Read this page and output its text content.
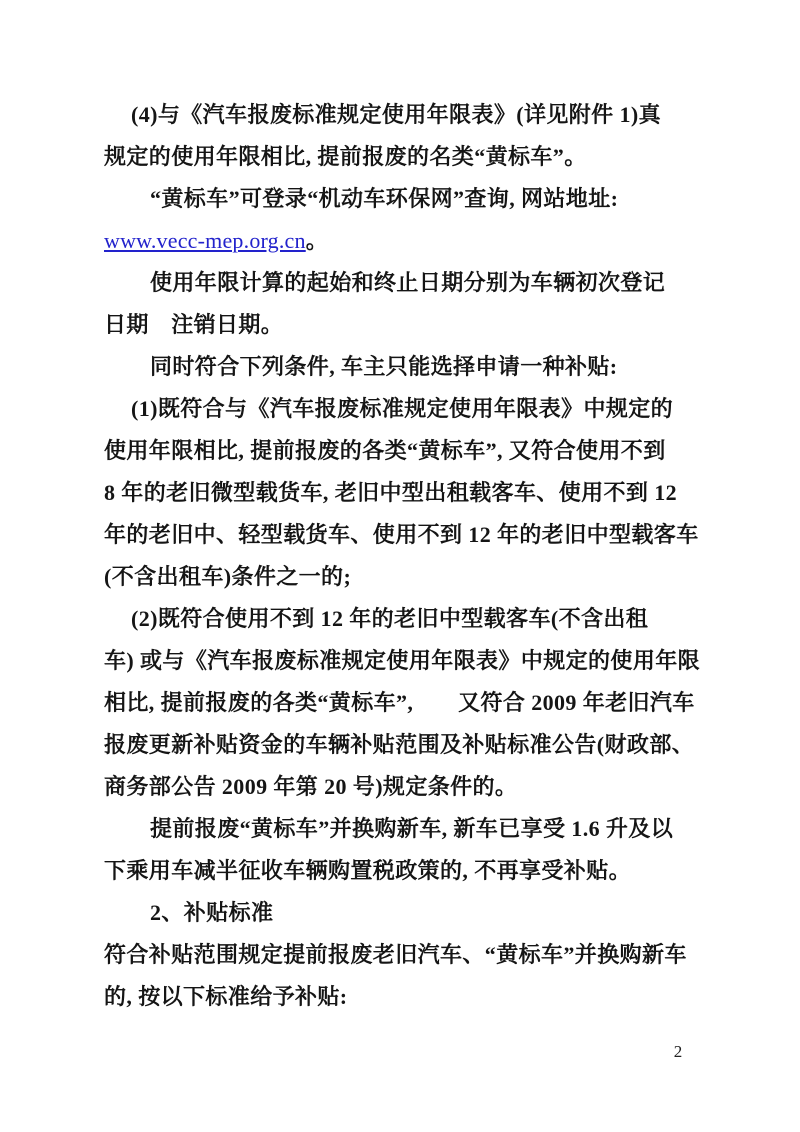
(4)与《汽车报废标准规定使用年限表》(详见附件 1)真

规定的使用年限相比, 提前报废的名类“黄标车”。

“黄标车”可登录“机动车环保网”查询, 网站地址:

www.vecc-mep.org.cn。

使用年限计算的起始和终止日期分别为车辆初次登记

日期　注销日期。

同时符合下列条件, 车主只能选择申请一种补贴:

(1)既符合与《汽车报废标准规定使用年限表》中规定的

使用年限相比, 提前报废的各类“黄标车”, 又符合使用不到

8 年的老旧微型载货车, 老旧中型出租载客车、使用不到 12

年的老旧中、轻型载货车、使用不到 12 年的老旧中型载客车

(不含出租车)条件之一的;

(2)既符合使用不到 12 年的老旧中型载客车(不含出租

车) 或与《汽车报废标准规定使用年限表》中规定的使用年限

相比, 提前报废的各类“黄标车”,　　又符合 2009 年老旧汽车

报废更新补贴资金的车辆补贴范围及补贴标准公告(财政部、

商务部公告 2009 年第 20 号)规定条件的。

提前报废“黄标车”并换购新车, 新车已享受 1.6 升及以

下乘用车减半征收车辆购置税政策的, 不再享受补贴。

2、补贴标准

符合补贴范围规定提前报废老旧汽车、“黄标车”并换购新车

的, 按以下标准给予补贴:

2
